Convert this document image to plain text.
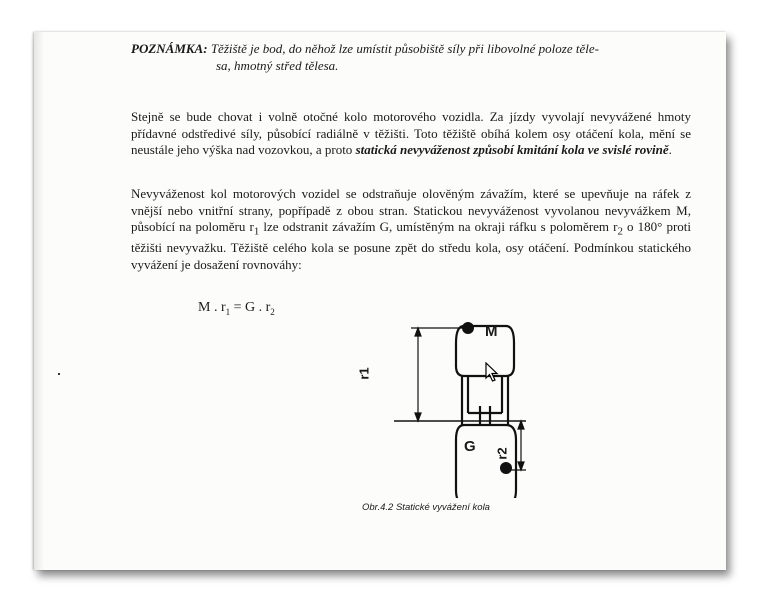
POZNÁMKA: Těžiště je bod, do něhož lze umístit působiště síly při libovolné poloze těle-
sa, hmotný střed tělesa.
Stejně se bude chovat i volně otočné kolo motorového vozidla. Za jízdy vyvolají nevyvážené hmoty přídavné odstředivé síly, působící radiálně v těžišti. Toto těžiště obíhá kolem osy otáčení kola, mění se neustále jeho výška nad vozovkou, a proto statická nevyváženost způsobí kmitání kola ve svislé rovině.
Nevyváženost kol motorových vozidel se odstraňuje olověným závažím, které se upevňuje na ráfek z vnější nebo vnitřní strany, popřípadě z obou stran. Statickou nevyváženost vyvolanou nevyvážkem M, působící na poloměru $r_1$ lze odstranit závažím G, umístěným na okraji ráfku s poloměrem $r_2$ o 180° proti těžišti nevyvažku. Těžiště celého kola se posune zpět do středu kola, osy otáčení. Podmínkou statického vyvážení je dosažení rovnováhy:
M . $r_1 = G$ . $r_2$
M
G
r1
r2
Obr.4.2 Statické vyvážení kola
